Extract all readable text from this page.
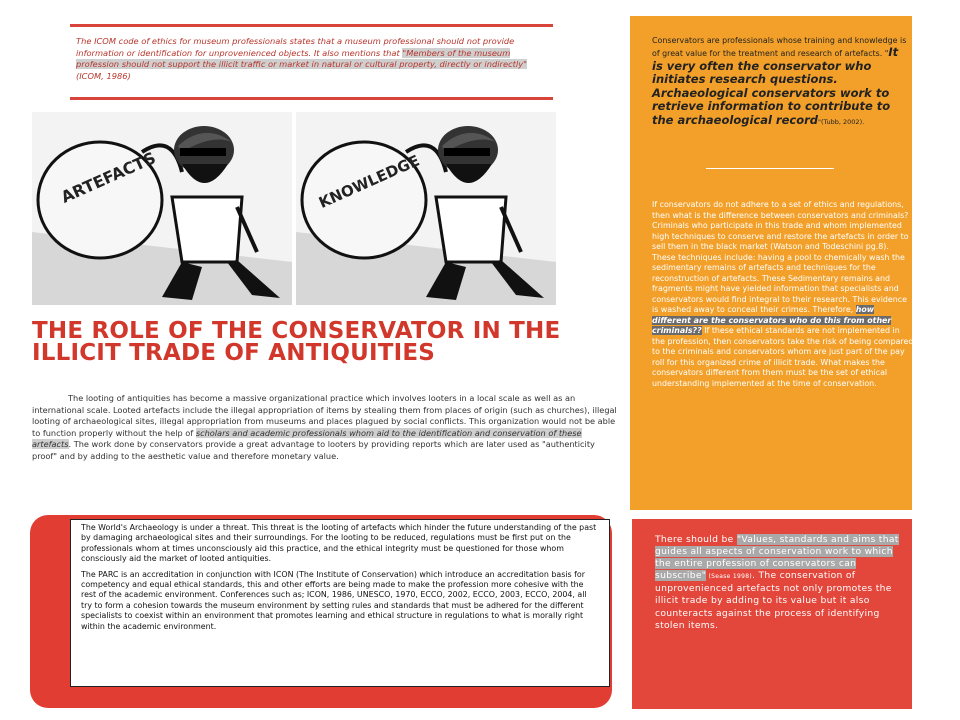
The ICOM code of ethics for museum professionals states that a museum professional should not provide information or identification for unprovenienced objects. It also mentions that "Members of the museum profession should not support the illicit traffic or market in natural or cultural property, directly or indirectly" (ICOM, 1986)
ARTEFACTS	KNOWLEDGE
THE ROLE OF THE CONSERVATOR IN THE ILLICIT TRADE OF ANTIQUITIES

The looting of antiquities has become a massive organizational practice which involves looters in a local scale as well as an international scale. Looted artefacts include the illegal appropriation of items by stealing them from places of origin (such as churches), illegal looting of archaeological sites, illegal appropriation from museums and places plagued by social conflicts. This organization would not be able to function properly without the help of scholars and academic professionals whom aid to the identification and conservation of these artefacts. The work done by conservators provide a great advantage to looters by providing reports which are later used as "authenticity proof" and by adding to the aesthetic value and therefore monetary value.

The World's Archaeology is under a threat. This threat is the looting of artefacts which hinder the future understanding of the past by damaging archaeological sites and their surroundings. For the looting to be reduced, regulations must be first put on the professionals whom at times unconsciously aid this practice, and the ethical integrity must be questioned for those whom consciously aid the market of looted antiquities.

The PARC is an accreditation in conjunction with ICON (The Institute of Conservation) which introduce an accreditation basis for competency and equal ethical standards, this and other efforts are being made to make the profession more cohesive with the rest of the academic environment. Conferences such as; ICON, 1986, UNESCO, 1970, ECCO, 2002, ECCO, 2003, ECCO, 2004, all try to form a cohesion towards the museum environment by setting rules and standards that must be adhered for the different specialists to coexist within an environment that promotes learning and ethical structure in regulations to what is morally right within the academic environment.

Conservators are professionals whose training and knowledge is of great value for the treatment and research of artefacts. "It is very often the conservator who initiates research questions. Archaeological conservators work to retrieve information to contribute to the archaeological record"(Tubb, 2002).
If conservators do not adhere to a set of ethics and regulations, then what is the difference between conservators and criminals? Criminals who participate in this trade and whom implemented high techniques to conserve and restore the artefacts in order to sell them in the black market (Watson and Todeschini pg.8). These techniques include: having a pool to chemically wash the sedimentary remains of artefacts and techniques for the reconstruction of artefacts. These Sedimentary remains and fragments might have yielded information that specialists and conservators would find integral to their research. This evidence is washed away to conceal their crimes. Therefore, how different are the conservators who do this from other criminals?? If these ethical standards are not implemented in the profession, then conservators take the risk of being compared to the criminals and conservators whom are just part of the pay roll for this organized crime of illicit trade. What makes the conservators different from them must be the set of ethical understanding implemented at the time of conservation.
There should be "Values, standards and aims that guides all aspects of conservation work to which the entire profession of conservators can subscribe" (Sease 1998). The conservation of unprovenienced artefacts not only promotes the illicit trade by adding to its value but it also counteracts against the process of identifying stolen items.
